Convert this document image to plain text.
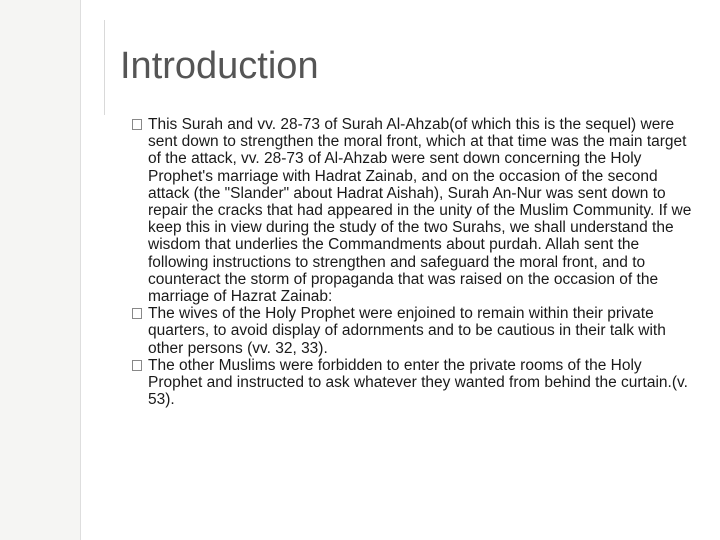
Introduction
This Surah and vv. 28-73 of Surah Al-Ahzab(of which this is the sequel) were sent down to strengthen the moral front, which at that time was the main target of the attack, vv. 28-73 of Al-Ahzab were sent down concerning the Holy Prophet's marriage with Hadrat Zainab, and on the occasion of the second attack (the "Slander" about Hadrat Aishah), Surah An-Nur was sent down to repair the cracks that had appeared in the unity of the Muslim Community. If we keep this in view during the study of the two Surahs, we shall understand the wisdom that underlies the Commandments about purdah. Allah sent the following instructions to strengthen and safeguard the moral front, and to counteract the storm of propaganda that was raised on the occasion of the marriage of Hazrat Zainab:
The wives of the Holy Prophet were enjoined to remain within their private quarters, to avoid display of adornments and to be cautious in their talk with other persons (vv. 32, 33).
The other Muslims were forbidden to enter the private rooms of the Holy Prophet and instructed to ask whatever they wanted from behind the curtain.(v. 53).
